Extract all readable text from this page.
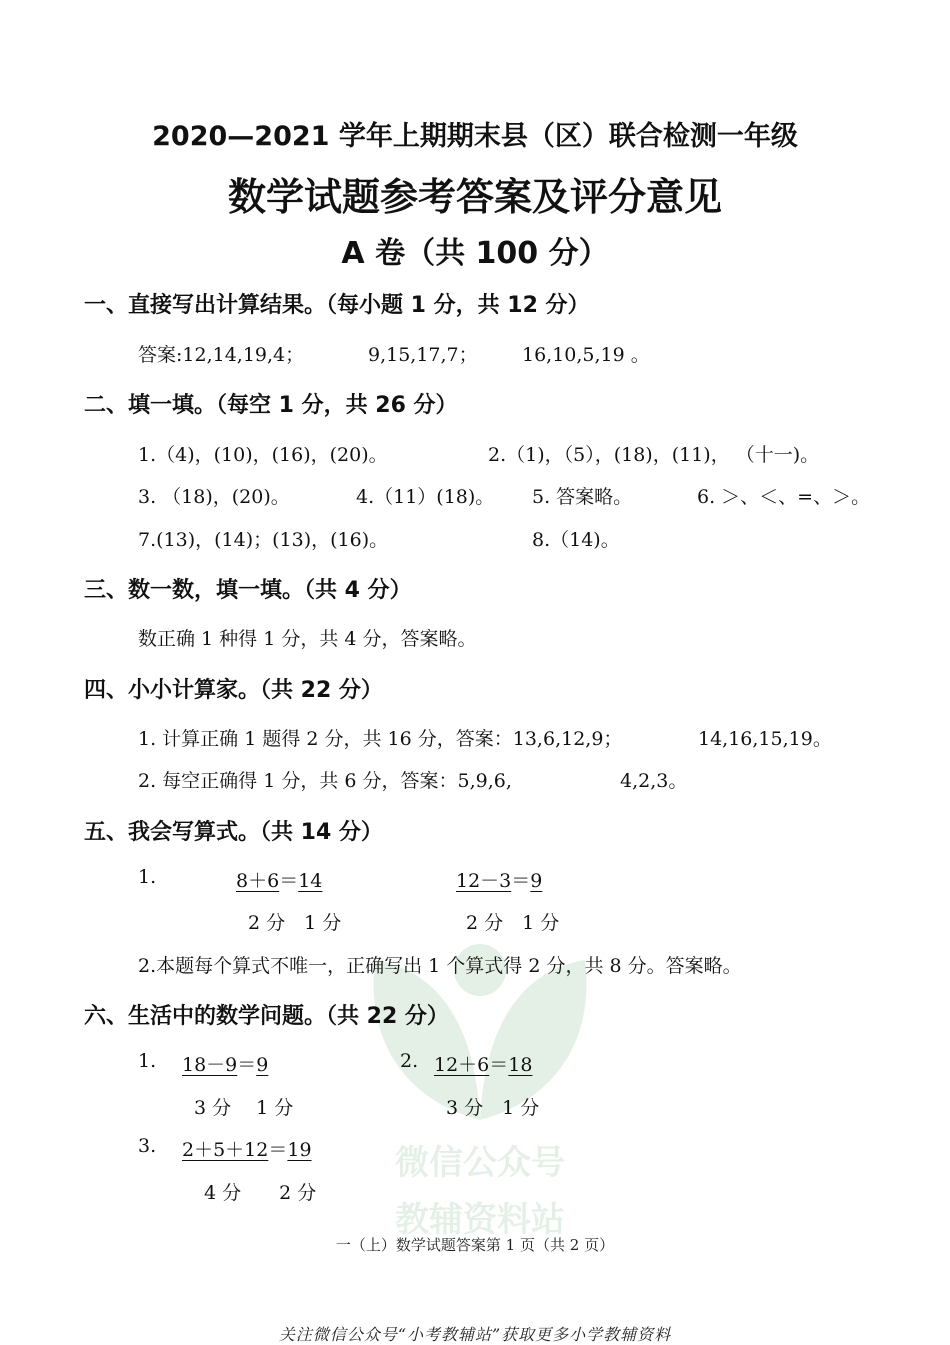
微信公众号
教辅资料站
2020—2021 学年上期期末县（区）联合检测一年级
数学试题参考答案及评分意见
A 卷（共 100 分）
一、直接写出计算结果。（每小题 1 分，共 12 分）
答案:12,14,19,4；	9,15,17,7； 16,10,5,19 。
二、填一填。（每空 1 分，共 26 分）
1.（4)，(10)，(16)，(20)。	2.（1)，（5），(18)，(11)， （十一)。
3. （18)，(20)。	4.（11）(18)。 5. 答案略。	6. ＞、＜、=、＞。
7.(13)，(14)；(13)，(16)。	8.（14)。
三、数一数，填一填。（共 4 分）
数正确 1 种得 1 分，共 4 分，答案略。
四、小小计算家。（共 22 分）
1. 计算正确 1 题得 2 分，共 16 分，答案：13,6,12,9；	14,16,15,19。
2. 每空正确得 1 分，共 6 分，答案：5,9,6,	4,2,3。
五、我会写算式。（共 14 分）
1.	8＋6＝14	12－3＝9
2 分　1 分	2 分　1 分
2.本题每个算式不唯一，正确写出 1 个算式得 2 分，共 8 分。答案略。
六、生活中的数学问题。（共 22 分）
1. 18－9＝9	2. 12＋6＝18
3 分　 1 分	3 分　1 分
3. 2＋5＋12＝19
4 分　　2 分
一（上）数学试题答案第 1 页（共 2 页）
关注微信公众号“小考教辅站”获取更多小学教辅资料
